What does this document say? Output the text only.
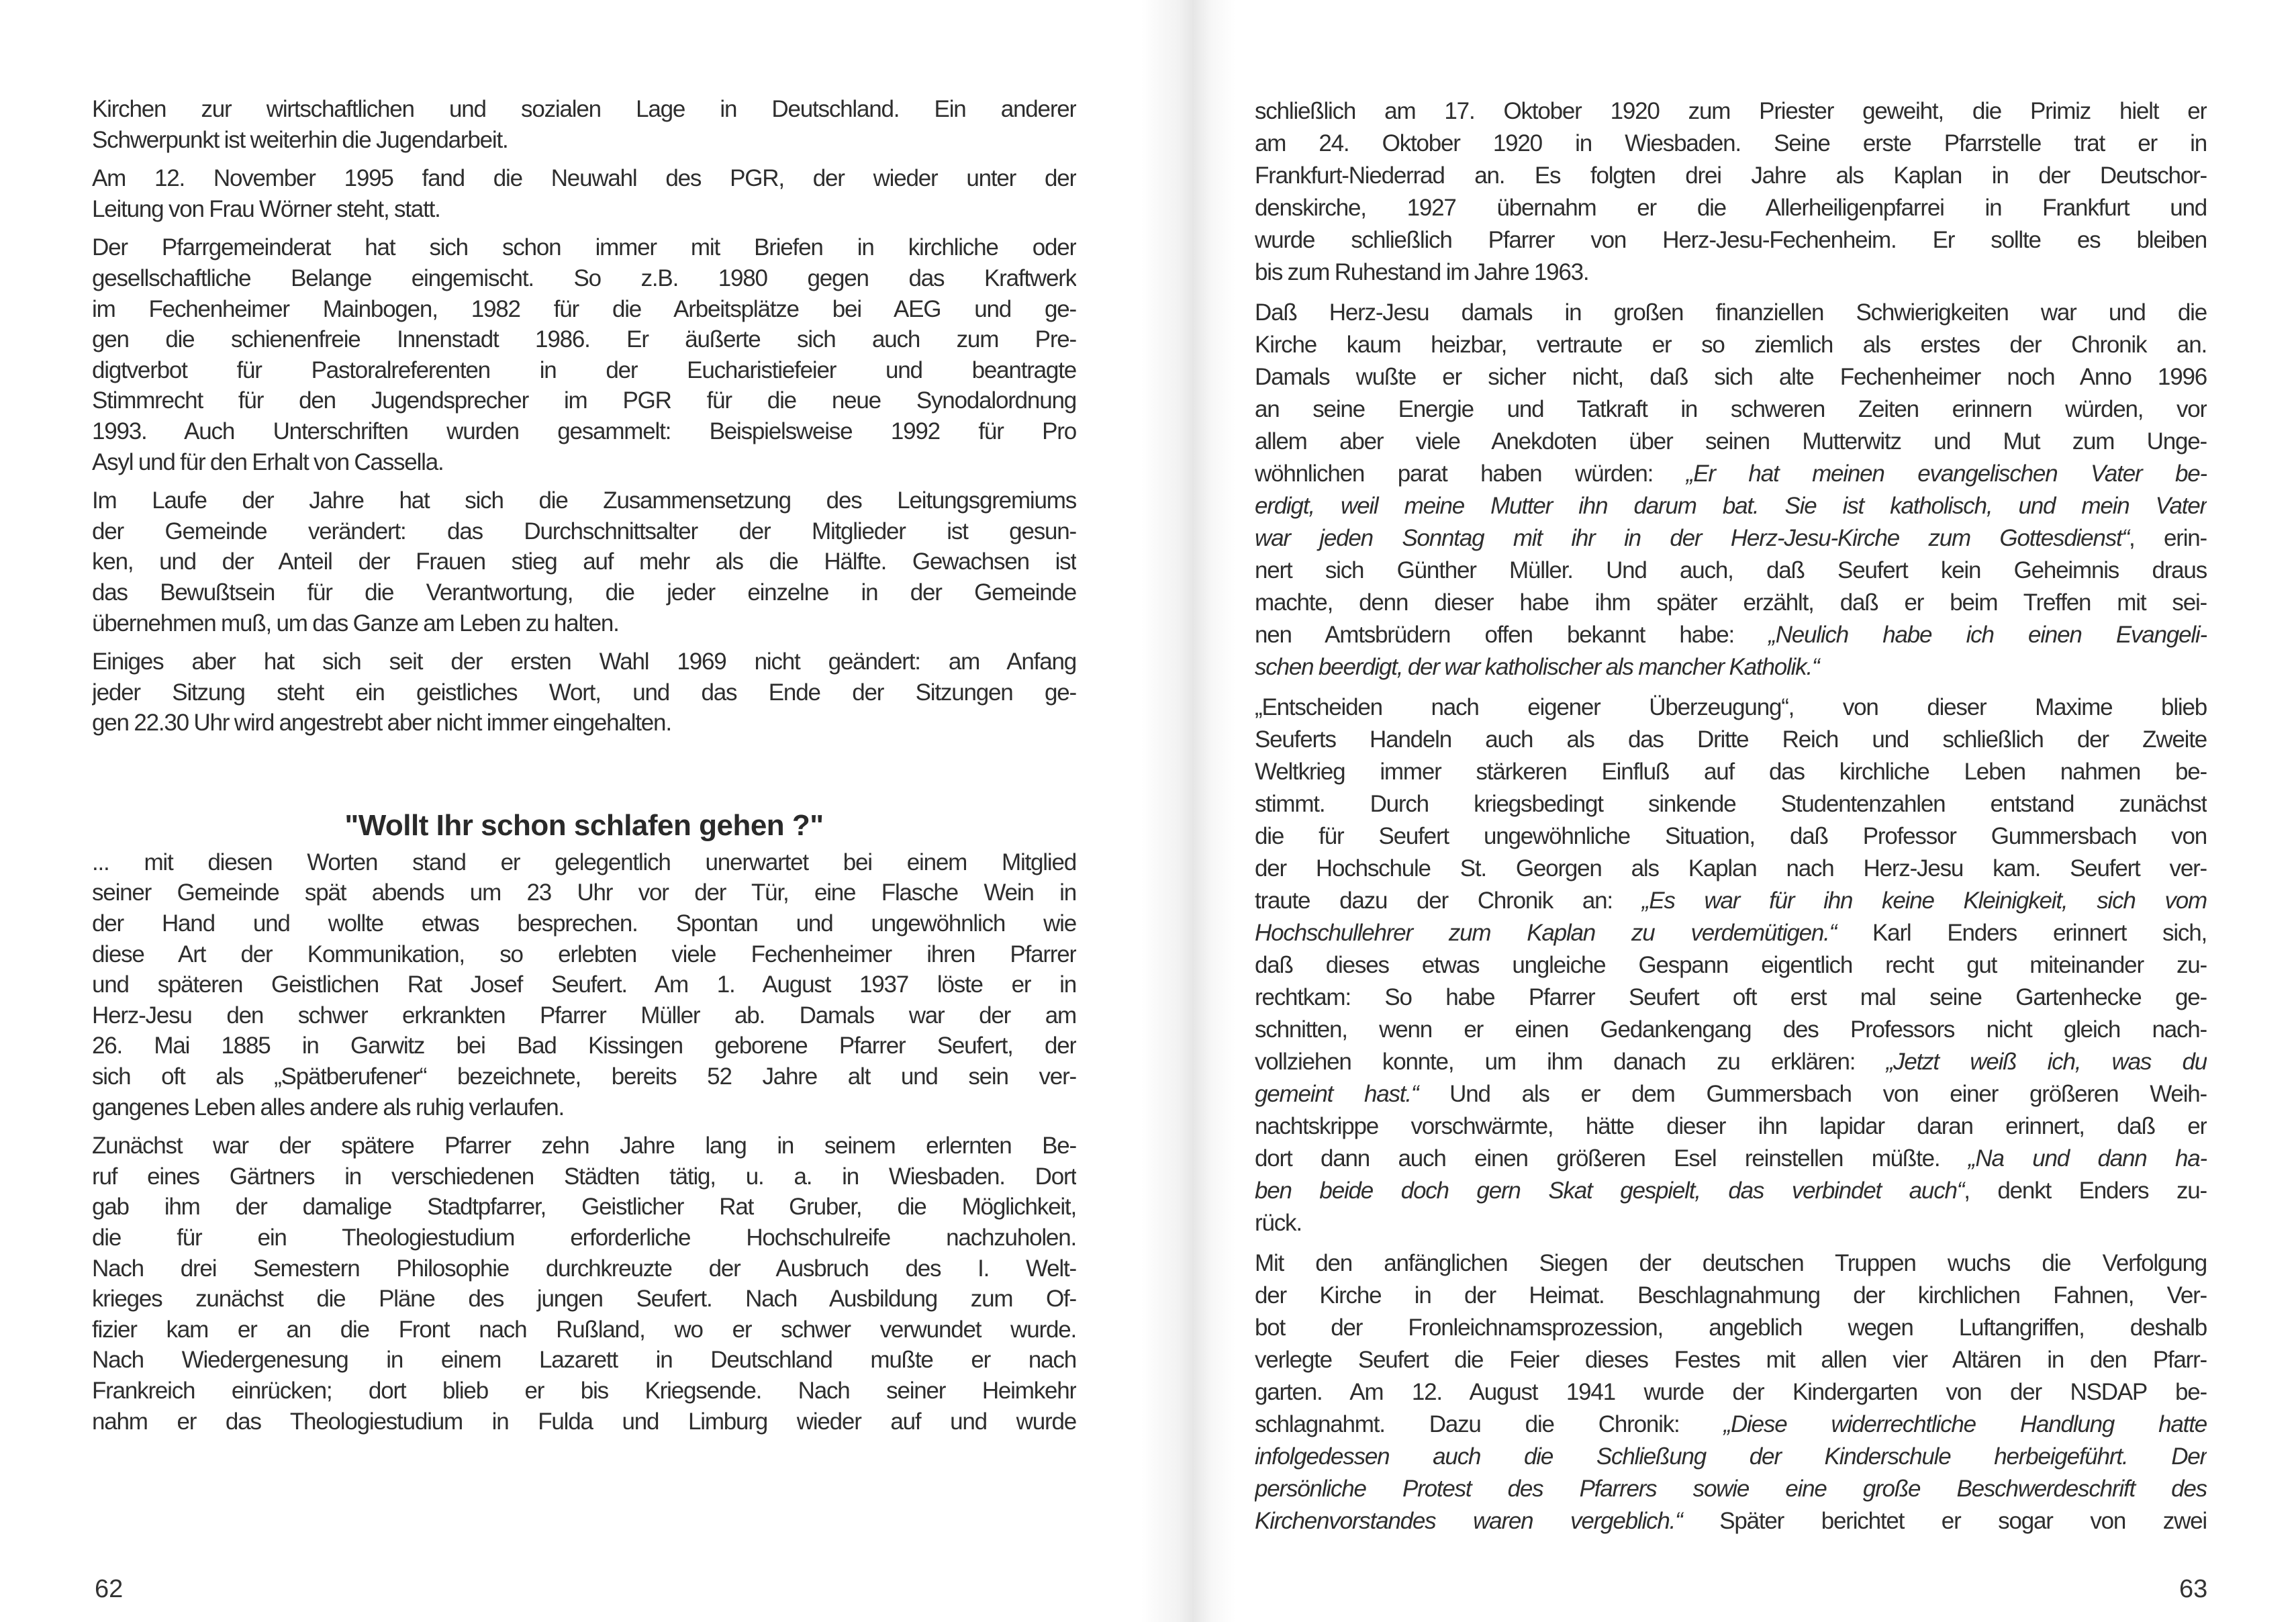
Kirchen zur wirtschaftlichen und sozialen Lage in Deutschland. Ein anderer
Schwerpunkt ist weiterhin die Jugendarbeit.
Am 12. November 1995 fand die Neuwahl des PGR, der wieder unter der
Leitung von Frau Wörner steht, statt.
Der Pfarrgemeinderat hat sich schon immer mit Briefen in kirchliche oder
gesellschaftliche Belange eingemischt. So z.B. 1980 gegen das Kraftwerk
im Fechenheimer Mainbogen, 1982 für die Arbeitsplätze bei AEG und ge-
gen die schienenfreie Innenstadt 1986. Er äußerte sich auch zum Pre-
digtverbot für Pastoralreferenten in der Eucharistiefeier und beantragte
Stimmrecht für den Jugendsprecher im PGR für die neue Synodalordnung
1993. Auch Unterschriften wurden gesammelt: Beispielsweise 1992 für Pro
Asyl und für den Erhalt von Cassella.
Im Laufe der Jahre hat sich die Zusammensetzung des Leitungsgremiums
der Gemeinde verändert: das Durchschnittsalter der Mitglieder ist gesun-
ken, und der Anteil der Frauen stieg auf mehr als die Hälfte. Gewachsen ist
das Bewußtsein für die Verantwortung, die jeder einzelne in der Gemeinde
übernehmen muß, um das Ganze am Leben zu halten.
Einiges aber hat sich seit der ersten Wahl 1969 nicht geändert: am Anfang
jeder Sitzung steht ein geistliches Wort, und das Ende der Sitzungen ge-
gen 22.30 Uhr wird angestrebt aber nicht immer eingehalten.
"Wollt Ihr schon schlafen gehen ?"
... mit diesen Worten stand er gelegentlich unerwartet bei einem Mitglied
seiner Gemeinde spät abends um 23 Uhr vor der Tür, eine Flasche Wein in
der Hand und wollte etwas besprechen. Spontan und ungewöhnlich wie
diese Art der Kommunikation, so erlebten viele Fechenheimer ihren Pfarrer
und späteren Geistlichen Rat Josef Seufert. Am 1. August 1937 löste er in
Herz-Jesu den schwer erkrankten Pfarrer Müller ab. Damals war der am
26. Mai 1885 in Garwitz bei Bad Kissingen geborene Pfarrer Seufert, der
sich oft als „Spätberufener“ bezeichnete, bereits 52 Jahre alt und sein ver-
gangenes Leben alles andere als ruhig verlaufen.
Zunächst war der spätere Pfarrer zehn Jahre lang in seinem erlernten Be-
ruf eines Gärtners in verschiedenen Städten tätig, u. a. in Wiesbaden. Dort
gab ihm der damalige Stadtpfarrer, Geistlicher Rat Gruber, die Möglichkeit,
die für ein Theologiestudium erforderliche Hochschulreife nachzuholen.
Nach drei Semestern Philosophie durchkreuzte der Ausbruch des I. Welt-
krieges zunächst die Pläne des jungen Seufert. Nach Ausbildung zum Of-
fizier kam er an die Front nach Rußland, wo er schwer verwundet wurde.
Nach Wiedergenesung in einem Lazarett in Deutschland mußte er nach
Frankreich einrücken; dort blieb er bis Kriegsende. Nach seiner Heimkehr
nahm er das Theologiestudium in Fulda und Limburg wieder auf und wurde
62
schließlich am 17. Oktober 1920 zum Priester geweiht, die Primiz hielt er
am 24. Oktober 1920 in Wiesbaden. Seine erste Pfarrstelle trat er in
Frankfurt-Niederrad an. Es folgten drei Jahre als Kaplan in der Deutschor-
denskirche, 1927 übernahm er die Allerheiligenpfarrei in Frankfurt und
wurde schließlich Pfarrer von Herz-Jesu-Fechenheim. Er sollte es bleiben
bis zum Ruhestand im Jahre 1963.
Daß Herz-Jesu damals in großen finanziellen Schwierigkeiten war und die
Kirche kaum heizbar, vertraute er so ziemlich als erstes der Chronik an.
Damals wußte er sicher nicht, daß sich alte Fechenheimer noch Anno 1996
an seine Energie und Tatkraft in schweren Zeiten erinnern würden, vor
allem aber viele Anekdoten über seinen Mutterwitz und Mut zum Unge-
wöhnlichen parat haben würden: „Er hat meinen evangelischen Vater be-
erdigt, weil meine Mutter ihn darum bat. Sie ist katholisch, und mein Vater
war jeden Sonntag mit ihr in der Herz-Jesu-Kirche zum Gottesdienst“, erin-
nert sich Günther Müller. Und auch, daß Seufert kein Geheimnis draus
machte, denn dieser habe ihm später erzählt, daß er beim Treffen mit sei-
nen Amtsbrüdern offen bekannt habe: „Neulich habe ich einen Evangeli-
schen beerdigt, der war katholischer als mancher Katholik.“
„Entscheiden nach eigener Überzeugung“, von dieser Maxime blieb
Seuferts Handeln auch als das Dritte Reich und schließlich der Zweite
Weltkrieg immer stärkeren Einfluß auf das kirchliche Leben nahmen be-
stimmt. Durch kriegsbedingt sinkende Studentenzahlen entstand zunächst
die für Seufert ungewöhnliche Situation, daß Professor Gummersbach von
der Hochschule St. Georgen als Kaplan nach Herz-Jesu kam. Seufert ver-
traute dazu der Chronik an: „Es war für ihn keine Kleinigkeit, sich vom
Hochschullehrer zum Kaplan zu verdemütigen.“ Karl Enders erinnert sich,
daß dieses etwas ungleiche Gespann eigentlich recht gut miteinander zu-
rechtkam: So habe Pfarrer Seufert oft erst mal seine Gartenhecke ge-
schnitten, wenn er einen Gedankengang des Professors nicht gleich nach-
vollziehen konnte, um ihm danach zu erklären: „Jetzt weiß ich, was du
gemeint hast.“ Und als er dem Gummersbach von einer größeren Weih-
nachtskrippe vorschwärmte, hätte dieser ihn lapidar daran erinnert, daß er
dort dann auch einen größeren Esel reinstellen müßte. „Na und dann ha-
ben beide doch gern Skat gespielt, das verbindet auch“, denkt Enders zu-
rück.
Mit den anfänglichen Siegen der deutschen Truppen wuchs die Verfolgung
der Kirche in der Heimat. Beschlagnahmung der kirchlichen Fahnen, Ver-
bot der Fronleichnamsprozession, angeblich wegen Luftangriffen, deshalb
verlegte Seufert die Feier dieses Festes mit allen vier Altären in den Pfarr-
garten. Am 12. August 1941 wurde der Kindergarten von der NSDAP be-
schlagnahmt. Dazu die Chronik: „Diese widerrechtliche Handlung hatte
infolgedessen auch die Schließung der Kinderschule herbeigeführt. Der
persönliche Protest des Pfarrers sowie eine große Beschwerdeschrift des
Kirchenvorstandes waren vergeblich.“ Später berichtet er sogar von zwei
63
